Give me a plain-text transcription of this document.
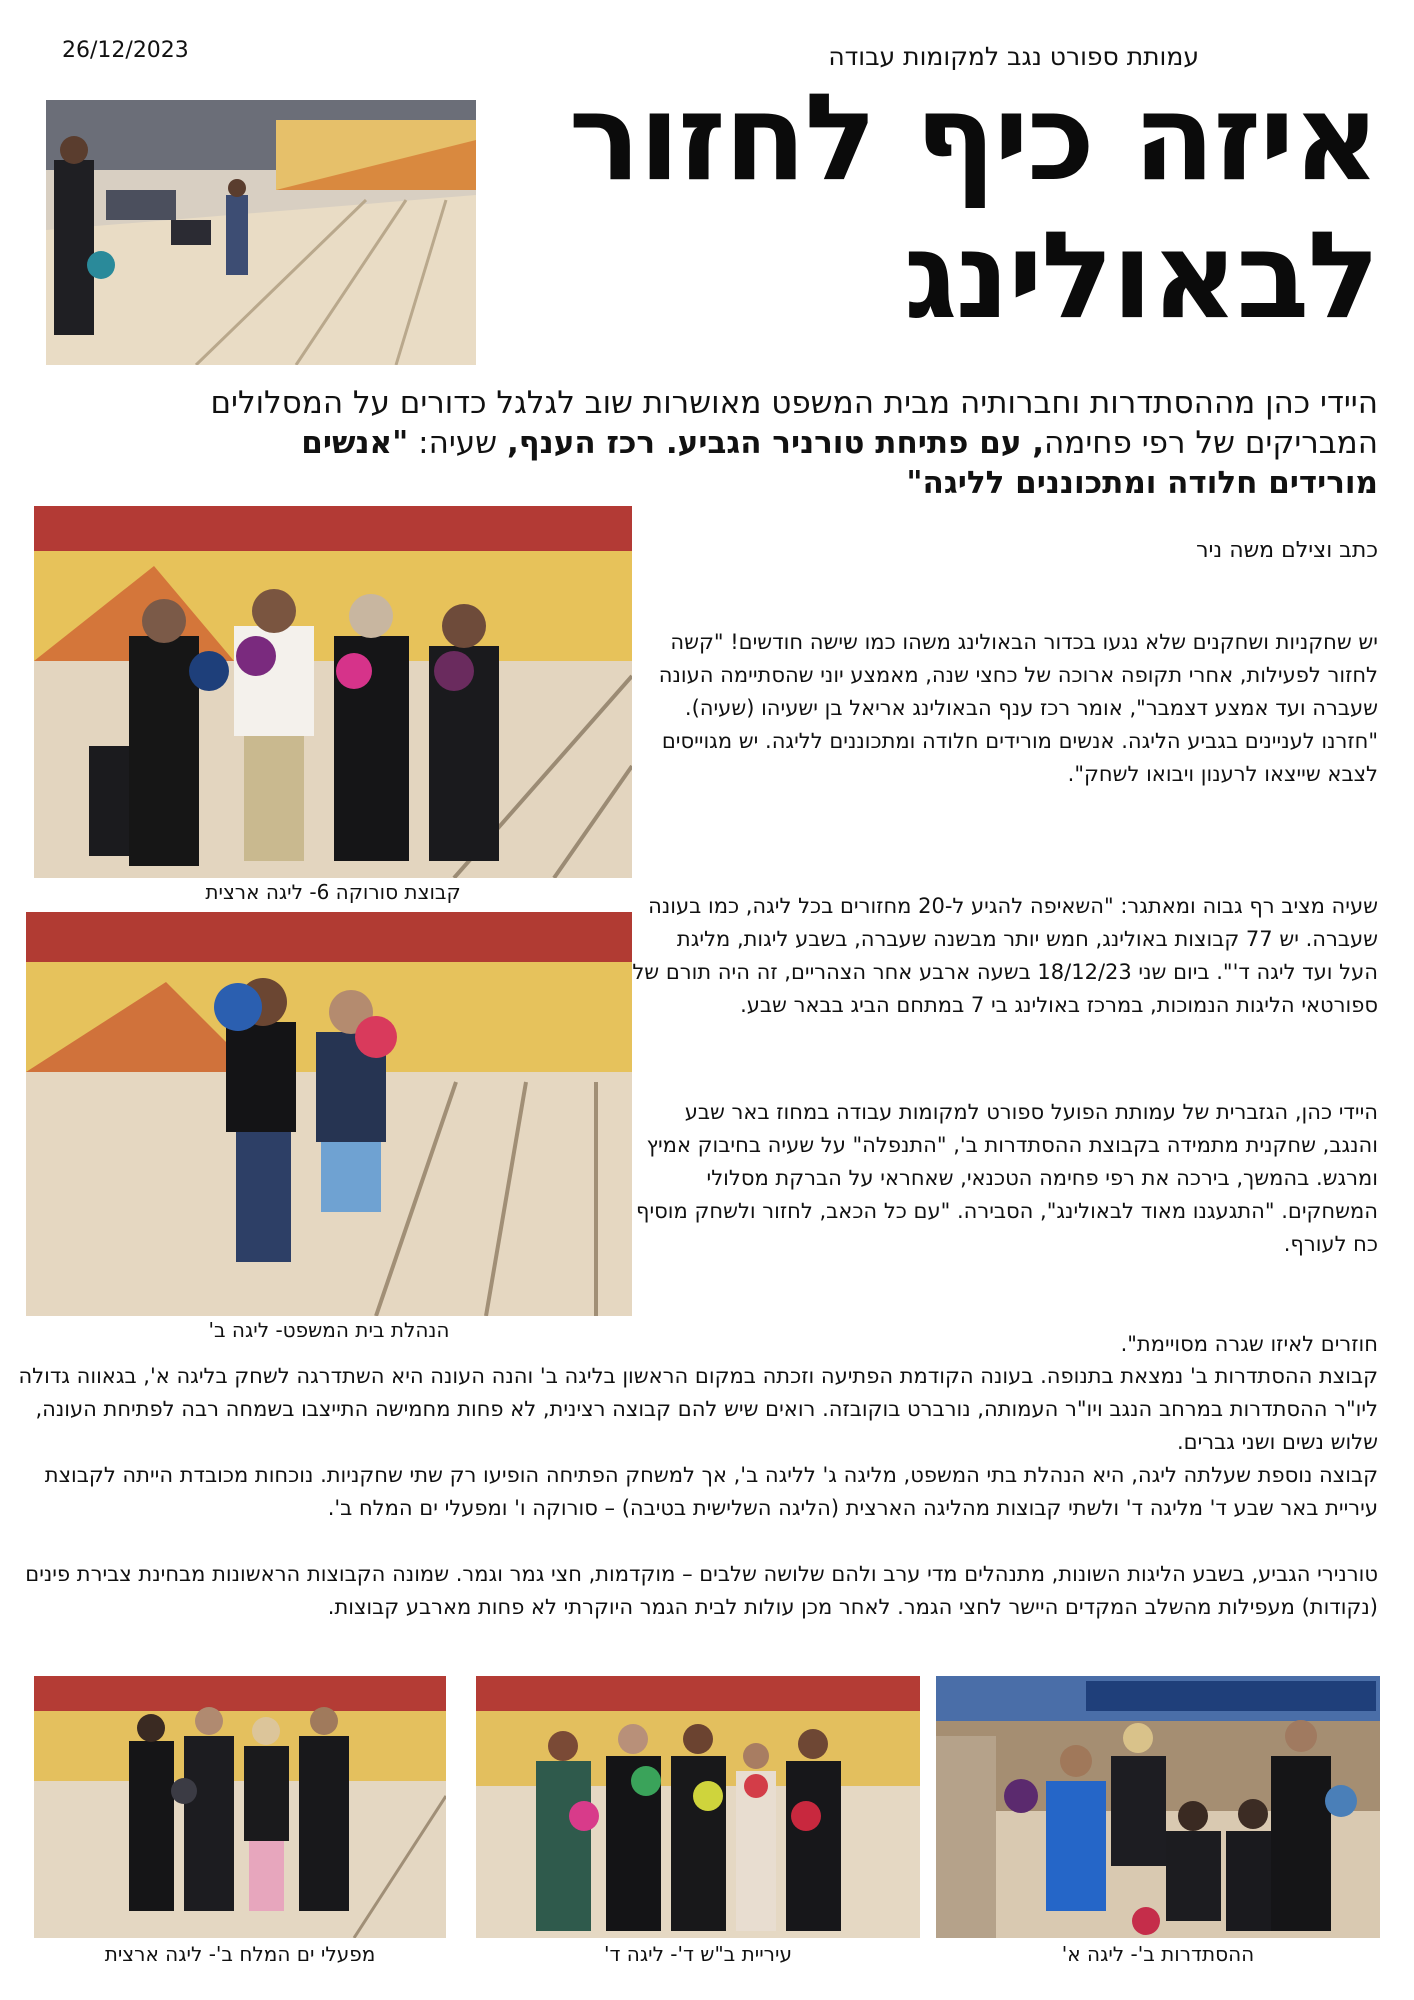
26/12/2023	עמותת ספורט נגב למקומות עבודה
איזה כיף לחזור
לבאולינג
היידי כהן מההסתדרות וחברותיה מבית המשפט מאושרות שוב לגלגל כדורים על המסלולים המבריקים של רפי פחימה, עם פתיחת טורניר הגביע. רכז הענף, שעיה: "אנשים מורידים חלודה ומתכוננים לליגה"
כתב וצילם משה ניר
קבוצת סורוקה 6- ליגה ארצית
הנהלת בית המשפט- ליגה ב'
יש שחקניות ושחקנים שלא נגעו בכדור הבאולינג משהו כמו שישה חודשים! "קשה לחזור לפעילות, אחרי תקופה ארוכה של כחצי שנה, מאמצע יוני שהסתיימה העונה שעברה ועד אמצע דצמבר", אומר רכז ענף הבאולינג אריאל בן ישעיהו (שעיה). "חזרנו לעניינים בגביע הליגה. אנשים מורידים חלודה ומתכוננים לליגה. יש מגוייסים לצבא שייצאו לרענון ויבואו לשחק".
שעיה מציב רף גבוה ומאתגר: "השאיפה להגיע ל-20 מחזורים בכל ליגה, כמו בעונה שעברה. יש 77 קבוצות באולינג, חמש יותר מבשנה שעברה, בשבע ליגות, מליגת העל ועד ליגה ד'". ביום שני 18/12/23 בשעה ארבע אחר הצהריים, זה היה תורם של ספורטאי הליגות הנמוכות, במרכז באולינג בי 7 במתחם הביג בבאר שבע.
היידי כהן, הגזברית של עמותת הפועל ספורט למקומות עבודה במחוז באר שבע והנגב, שחקנית מתמידה בקבוצת ההסתדרות ב', "התנפלה" על שעיה בחיבוק אמיץ ומרגש. בהמשך, בירכה את רפי פחימה הטכנאי, שאחראי על הברקת מסלולי המשחקים. "התגעגנו מאוד לבאולינג", הסבירה. "עם כל הכאב, לחזור ולשחק מוסיף כח לעורף.
חוזרים לאיזו שגרה מסויימת".
קבוצת ההסתדרות ב' נמצאת בתנופה. בעונה הקודמת הפתיעה וזכתה במקום הראשון בליגה ב' והנה העונה היא השתדרגה לשחק בליגה א', בגאווה גדולה ליו"ר ההסתדרות במרחב הנגב ויו"ר העמותה, נורברט בוקובזה. רואים שיש להם קבוצה רצינית, לא פחות מחמישה התייצבו בשמחה רבה לפתיחת העונה, שלוש נשים ושני גברים.
קבוצה נוספת שעלתה ליגה, היא הנהלת בתי המשפט, מליגה ג' לליגה ב', אך למשחק הפתיחה הופיעו רק שתי שחקניות. נוכחות מכובדת הייתה לקבוצת עיריית באר שבע ד' מליגה ד' ולשתי קבוצות מהליגה הארצית (הליגה השלישית בטיבה) – סורוקה ו' ומפעלי ים המלח ב'.
טורנירי הגביע, בשבע הליגות השונות, מתנהלים מדי ערב ולהם שלושה שלבים – מוקדמות, חצי גמר וגמר. שמונה הקבוצות הראשונות מבחינת צבירת פינים (נקודות) מעפילות מהשלב המקדים היישר לחצי הגמר. לאחר מכן עולות לבית הגמר היוקרתי לא פחות מארבע קבוצות.
מפעלי ים המלח ב'- ליגה ארצית	עיריית ב"ש ד'- ליגה ד'	ההסתדרות ב'- ליגה א'
